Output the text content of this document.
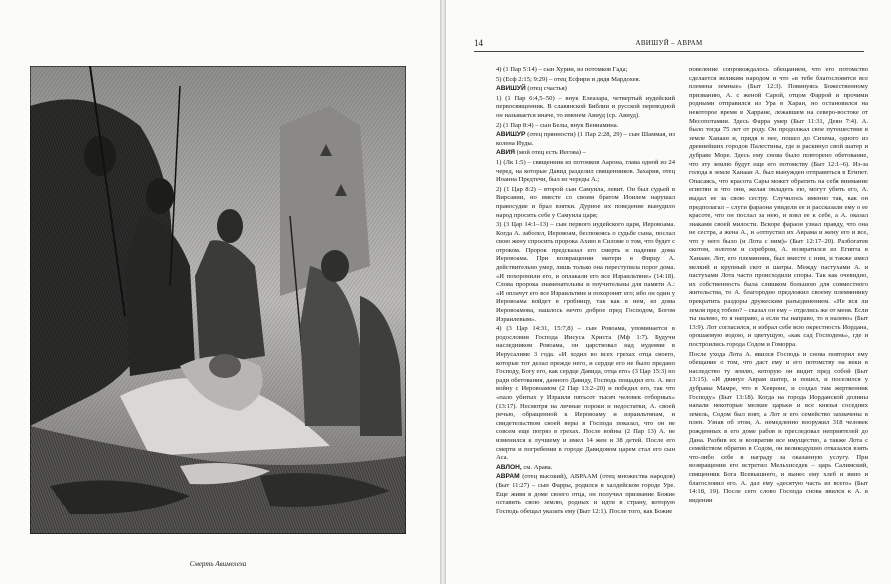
Смерть Авимелеха
14	АВИШУЙ – АВРАМ

4) (1 Пар 5:14) – сын Хурии, из потомков Гада;

5) (Есф 2:15; 9:29) – отец Есфири и дядя Мардохея.

АВИШУЙ (отец счастья)

1) (1 Пар 6:4,5–50) – внук Елеазара, четвертый иудейский первосвященник. В славянской Библии и русской переводной он называется иначе, то именем Авиуд (ср. Авиуд).

2) (1 Пар 8:4) – сын Белы, внук Вениамина.

АВИШУР (отец прянности) (1 Пар 2:28, 29) – сын Шаммая, из колена Иуды.

АВИЯ (мой отец есть Иегова) –

1) (Лк 1:5) – священник из потомков Аарона, глава одной из 24 черед, на которые Давид разделил священников. Захария, отец Иоанна Предтечи, был из череды А.;

2) (1 Цар 8:2) – второй сын Самуила, левит. Он был судьей в Вирсавии, но вместе со своим братом Иоилем нарушал правосудие и брал взятки. Дурное их поведение вынудило народ просить себе у Самуила царя;

3) (3 Цар 14:1–13) – сын первого иудейского царя, Иеровоама. Когда А. заболел, Иеровоам, беспокоясь о судьбе сына, послал свою жену спросить пророка Ахию в Силоме о том, что будет с отроком. Пророк предсказал его смерть и падение дома Иеровоама. При возвращении матери в Фирцу А. действительно умер, лишь только она переступила порог дома. «И похоронили его, и оплакали его все Израильтяне» (14:18). Слова пророка знаменательны и поучительны для памяти А.: «И оплачут его все Израильтяне и похоронят его; ибо он один у Иеровоама войдет в гробницу, так как в нем, из дома Иеровоамова, нашлось нечто доброе пред Господом, Богом Израилевым».

4) (3 Цар 14:31, 15:7,8) – сын Ровоама, упоминается в родословии Господа Иисуса Христа (Мф 1:7). Будучи наследником Ровоама, он царствовал над иудеями в Иерусалиме 3 года. «И ходил во всех грехах отца своего, которые тот делал прежде него, и сердце его не было предано Господу, Богу его, как сердце Давида, отца его» (3 Цар 15:3) но ради обетования, данного Давиду, Господь пощадил его. А. вел войну с Иеровоамом (2 Пар 13:2–20) и победил его, так что «пало убитых у Израиля пятьсот тысяч человек отборных» (13:17). Несмотря на личные пороки и недостатки, А. своей речью, обращенной к Иеровоаму и израильтянам, и свидетельством своей веры в Господа показал, что он не совсем еще погряз в грехах. После войны (2 Пар 13) А. не изменился к лучшему и имел 14 жен и 38 детей. После его смерти и погребения в городе Давидовом царем стал его сын Аса.

АВЛОН, см. Арава.

АВРАМ (отец высокий), АВРААМ (отец множества народов) (Быт 11:27) – сын Фарры, родился в халдейском городе Уре. Еще живя в доме своего отца, он получил призвание Божие оставить свою землю, родных и идти в страну, которую Господь обещал указать ему (Быт 12:1). После того, как Божие

повеление сопровождалось обещанием, что его потомство сделается великим народом и что «в тебе благословятся все племена земные» (Быт 12:3). Повинуясь Божественному призванию, А. с женой Сарой, отцом Фаррой и прочими родными отправился из Ура в Харан, но остановился на некоторое время в Харране, лежавшем на северо-востоке от Месопотамии. Здесь Фарра умер (Быт 11:31, Деян 7:4). А. было тогда 75 лет от роду. Он продолжал свое путешествие в земле Ханаан и, придя в нее, пошел до Сихема, одного из древнейших городов Палестины, где и раскинул свой шатер и дубраве Море. Здесь ему снова было повторено обетование, что эту землю будут еще его потомству (Быт 12:1–6). Из-за голода в земле Ханаан А. был вынужден отправиться в Египет. Опасаясь, что красота Сары может обратить на себя внимание египтян и что они, желая овладеть ею, могут убить его, А. выдал ее за свою сестру. Случилось именно так, как он предполагал – слуги фараона увидели ее и рассказали ему о ее красоте, что он послал за нею, и взял ее к себе, а А. оказал знаками своей милости. Вскоре фараон узнал правду, что она не сестра, а жена А., и «отпустил их Аврама и жену его и все, что у него было (и Лота с ним)» (Быт 12:17–20). Разбогатев скотом, золотом и серебром, А. возвратился из Египта в Ханаан. Лот, его племянник, был вместе с ним, и также имел мелкий и крупный скот и шатры. Между пастухами А. и пастухами Лота часто происходили споры. Так как очевидно, их собственность была слишком большою для совместного жительства, то А. благородно предложил своему племяннику прекратить раздоры дружеским разъединением. «Не вся ли земля пред тобою? – сказал он ему – отделись же от меня. Если ты налево, то я направо, а если ты направо, то я налево» (Быт 13:9). Лот согласился, и избрал себе всю окрестность Иордана, орошаемую водою, и цветущую, «как сад Господень», где и построились города Содом и Гоморра.

После ухода Лота А. явился Господь и снова повторил ему обещание о том, что даст ему и его потомству на веки в наследство ту землю, которую он видит пред собой (Быт 13:15). «И двинул Аврам шатер, и пошел, и поселился у дубравы Мамре, что в Хевроне, и создал там жертвенник Господу» (Быт 13:18). Когда на города Иорданской долины напали некоторые мелкие царьки и все князья соседних земель, Содом был взят, а Лот и его семейство захвачены в плен. Узнав об этом, А. немедленно вооружил 318 человек рожденных в его доме рабов и преследовал неприятелей до Дана. Разбив их и возвратив все имущество, а также Лота с семейством обратно в Содом, он великодушно отказался взять что-либо себе в награду за оказанную услугу. При возвращении его встретил Мельхиседек – царь Салимский, священник Бога Всевышнего, и вынес ему хлеб и вино и благословил его. А. дал ему «десятую часть из всего» (Быт 14:18, 19). После сего слово Господа снова явился к А. в видении
